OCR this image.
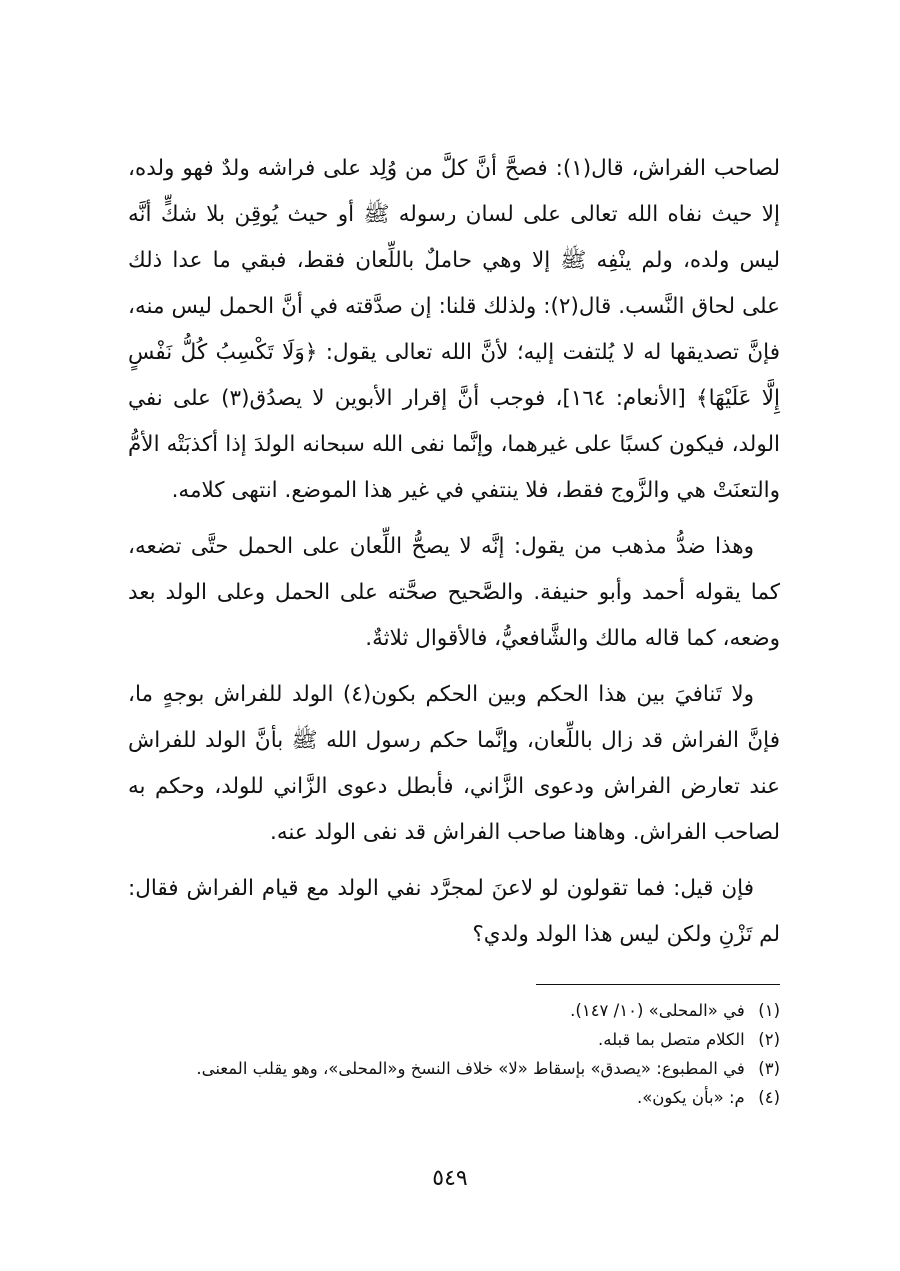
لصاحب الفراش، قال(١): فصحَّ أنَّ كلَّ من وُلِد على فراشه ولدٌ فهو ولده، إلا حيث نفاه الله تعالى على لسان رسوله ﷺ أو حيث يُوقِن بلا شكٍّ أنَّه ليس ولده، ولم ينْفِه ﷺ إلا وهي حاملٌ باللِّعان فقط، فبقي ما عدا ذلك على لحاق النَّسب. قال(٢): ولذلك قلنا: إن صدَّقته في أنَّ الحمل ليس منه، فإنَّ تصديقها له لا يُلتفت إليه؛ لأنَّ الله تعالى يقول: ﴿وَلَا تَكْسِبُ كُلُّ نَفْسٍ إِلَّا عَلَيْهَا﴾ [الأنعام: ١٦٤]، فوجب أنَّ إقرار الأبوين لا يصدُق(٣) على نفي الولد، فيكون كسبًا على غيرهما، وإنَّما نفى الله سبحانه الولدَ إذا أكذبَتْه الأمُّ والتعنَتْ هي والزَّوج فقط، فلا ينتفي في غير هذا الموضع. انتهى كلامه.

وهذا ضدُّ مذهب من يقول: إنَّه لا يصحُّ اللِّعان على الحمل حتَّى تضعه، كما يقوله أحمد وأبو حنيفة. والصَّحيح صحَّته على الحمل وعلى الولد بعد وضعه، كما قاله مالك والشَّافعيُّ، فالأقوال ثلاثةٌ.

ولا تَنافيَ بين هذا الحكم وبين الحكم بكون(٤) الولد للفراش بوجهٍ ما، فإنَّ الفراش قد زال باللِّعان، وإنَّما حكم رسول الله ﷺ بأنَّ الولد للفراش عند تعارض الفراش ودعوى الزَّاني، فأبطل دعوى الزَّاني للولد، وحكم به لصاحب الفراش. وهاهنا صاحب الفراش قد نفى الولد عنه.

فإن قيل: فما تقولون لو لاعنَ لمجرَّد نفي الولد مع قيام الفراش فقال: لم تَزْنِ ولكن ليس هذا الولد ولدي؟

(١) في «المحلى» (١٠/ ١٤٧).

(٢) الكلام متصل بما قبله.

(٣) في المطبوع: «يصدق» بإسقاط «لا» خلاف النسخ و«المحلى»، وهو يقلب المعنى.

(٤) م: «بأن يكون».

٥٤٩
